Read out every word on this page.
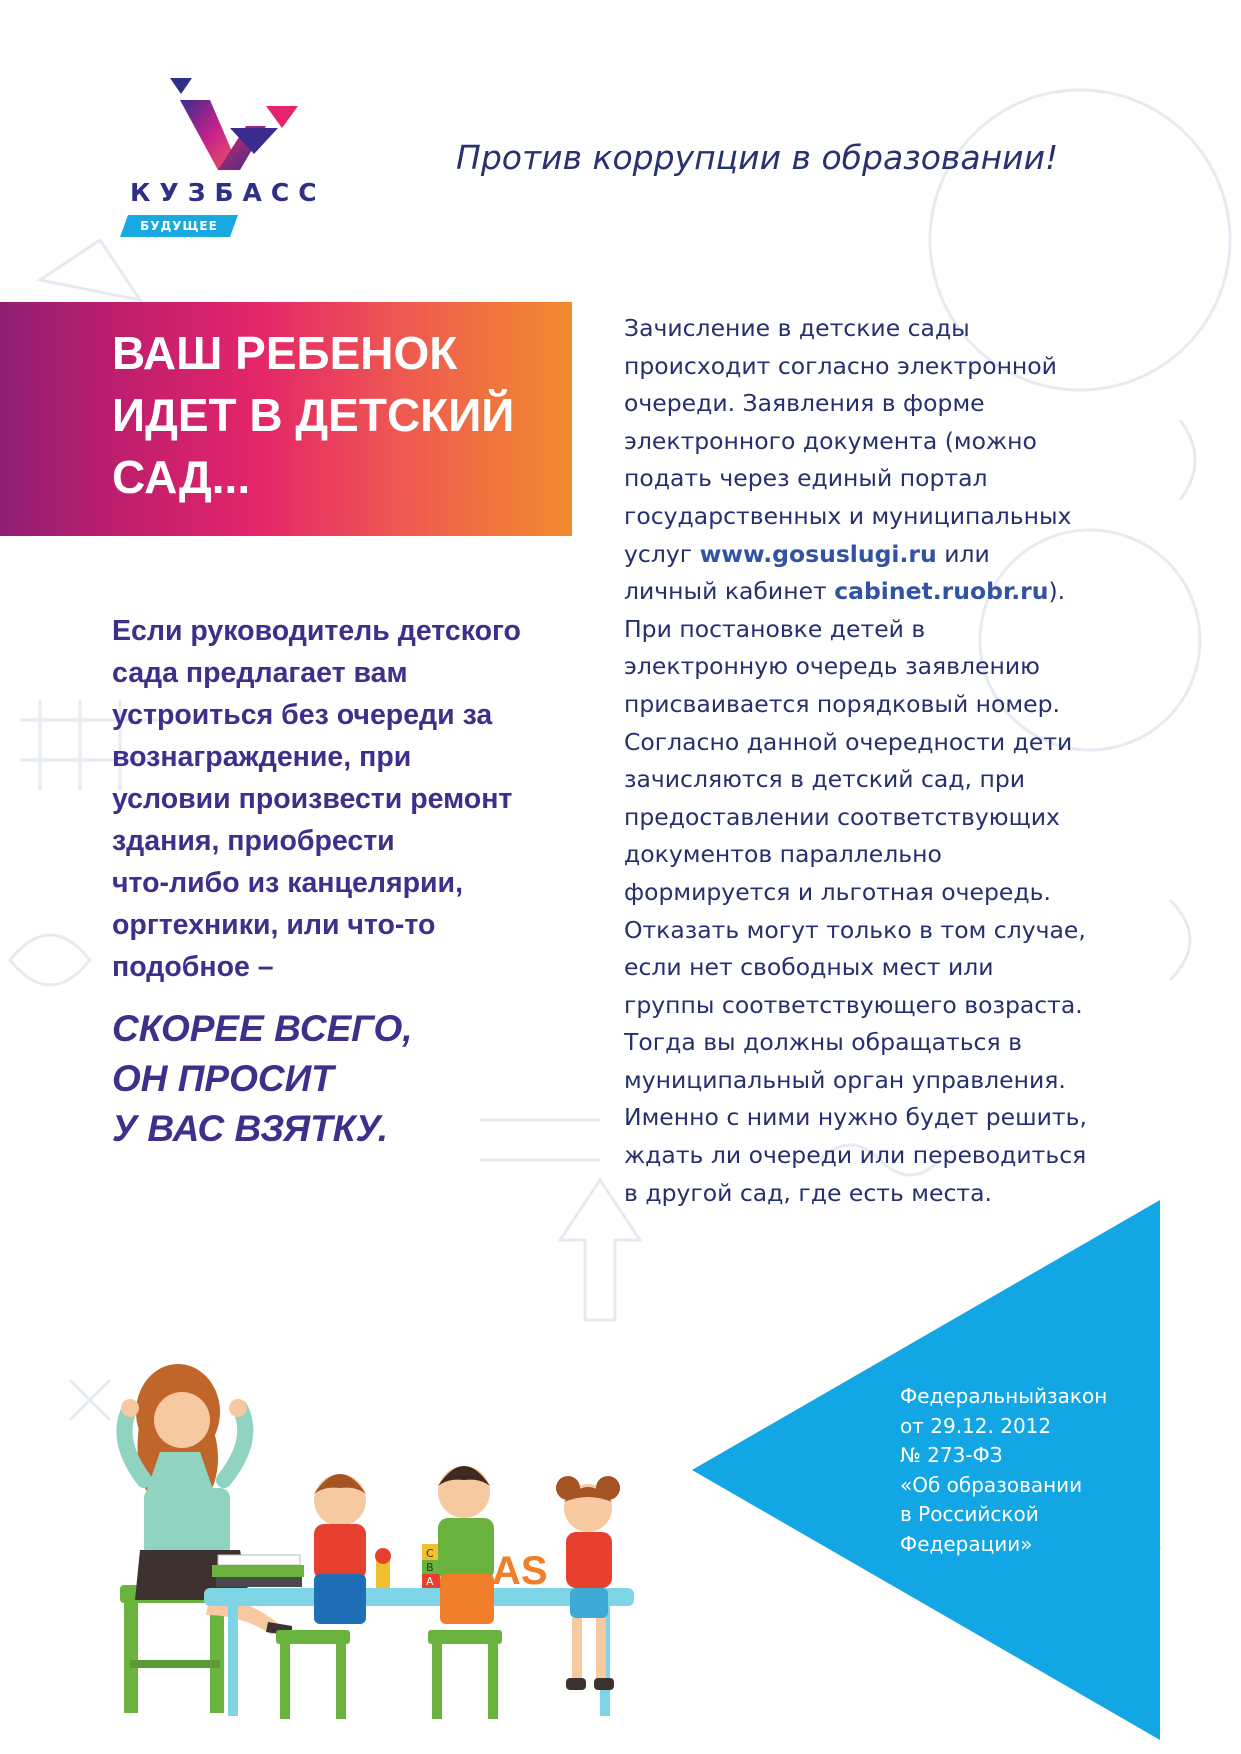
КУЗБАСС
БУДУЩЕЕ
Против коррупции в образовании!
ВАШ РЕБЕНОК
ИДЕТ В ДЕТСКИЙ
САД...
Если руководитель детского
сада предлагает вам
устроиться без очереди за
вознаграждение, при
условии произвести ремонт
здания, приобрести
что-либо из канцелярии,
оргтехники, или что-то
подобное –
СКОРЕЕ ВСЕГО,
ОН ПРОСИТ
У ВАС ВЗЯТКУ.
Зачисление в детские сады
происходит согласно электронной
очереди. Заявления в форме
электронного документа (можно
подать через единый портал
государственных и муниципальных
услуг www.gosuslugi.ru или
личный кабинет cabinet.ruobr.ru).
При постановке детей в
электронную очередь заявлению
присваивается порядковый номер.
Согласно данной очередности дети
зачисляются в детский сад, при
предоставлении соответствующих
документов параллельно
формируется и льготная очередь.
Отказать могут только в том случае,
если нет свободных мест или
группы соответствующего возраста.
Тогда вы должны обращаться в
муниципальный орган управления.
Именно с ними нужно будет решить,
ждать ли очереди или переводиться
в другой сад, где есть места.
Федеральныйзакон
от 29.12. 2012
№ 273-ФЗ
«Об образовании
в Российской
Федерации»
C
B
A AS
